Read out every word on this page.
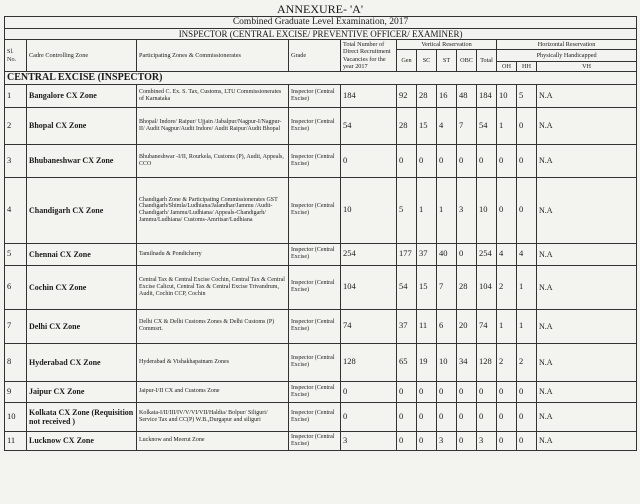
ANNEXURE- 'A'
Combined Graduate Level Examination, 2017												
INSPECTOR (CENTRAL EXCISE/ PREVENTIVE OFFICER/ EXAMINER)												
Sl. No.	Cadre Controlling Zone	Participating Zones & Commissionerates	Grade	Total Number of Direct Recruitment Vacancies for the year 2017	Vertical Reservation					Horizontal Reservation		
					Gen	SC	ST	OBC	Total	Physically Handicapped		
										OH	HH	VH
CENTRAL EXCISE (INSPECTOR)												
1	Bangalore CX Zone	Combined C. Ex. S. Tax, Customs, LTU Commissionerates of Karnataka	Inspector (Central Excise)	184	92	28	16	48	184	10	5	N.A
2	Bhopal CX Zone	Bhopal/ Indore/ Raipur/ Ujjain /Jabalpur/Nagpur-I/Nagpur-II/ Audit Nagpur/Audit Indore/ Audit Raipur/Audit Bhopal	Inspector (Central Excise)	54	28	15	4	7	54	1	0	N.A
3	Bhubaneshwar CX Zone	Bhubaneshwar -I/II, Rourkela, Customs (P), Audit, Appeals, CCO	Inspector (Central Excise)	0	0	0	0	0	0	0	0	N.A
4	Chandigarh CX Zone	Chandigarh Zone & Participating Commissionerates GST Chandigarh/Shimla/Ludhiana/Jalandhar/Jammu /Audit- Chandigarh/ Jammu/Ludhiana/ Appeals-Chandigarh/ Jammu/Ludhiana/ Customs-Amritsar/Ludhiana	Inspector (Central Excise)	10	5	1	1	3	10	0	0	N.A
5	Chennai CX Zone	Tamilnadu & Pondicherry	Inspector (Central Excise)	254	177	37	40	0	254	4	4	N.A
6	Cochin CX Zone	Central Tax & Central Excise Cochin, Central Tax & Central Excise Calicut, Central Tax & Central Excise Trivandrum, Audit, Cochin CCP, Cochin	Inspector (Central Excise)	104	54	15	7	28	104	2	1	N.A
7	Delhi CX Zone	Delhi CX & Delhi Customs Zones & Delhi Customs (P) Commsrt.	Inspector (Central Excise)	74	37	11	6	20	74	1	1	N.A
8	Hyderabad CX Zone	Hyderabad & Vishakhapatnam Zones	Inspector (Central Excise)	128	65	19	10	34	128	2	2	N.A
9	Jaipur CX Zone	Jaipur-I/II CX and Customs Zone	Inspector (Central Excise)	0	0	0	0	0	0	0	0	N.A
10	Kolkata CX Zone (Requisition not received )	Kolkata-I/II/III/IV/V/VI/VII/Haldia/ Bolpur/ Siliguri/ Service Tax and CC(P) W.B.,Durgapur and siliguri	Inspector (Central Excise)	0	0	0	0	0	0	0	0	N.A
11	Lucknow CX Zone	Lucknow and Meerut Zone	Inspector (Central Excise)	3	0	0	3	0	3	0	0	N.A
